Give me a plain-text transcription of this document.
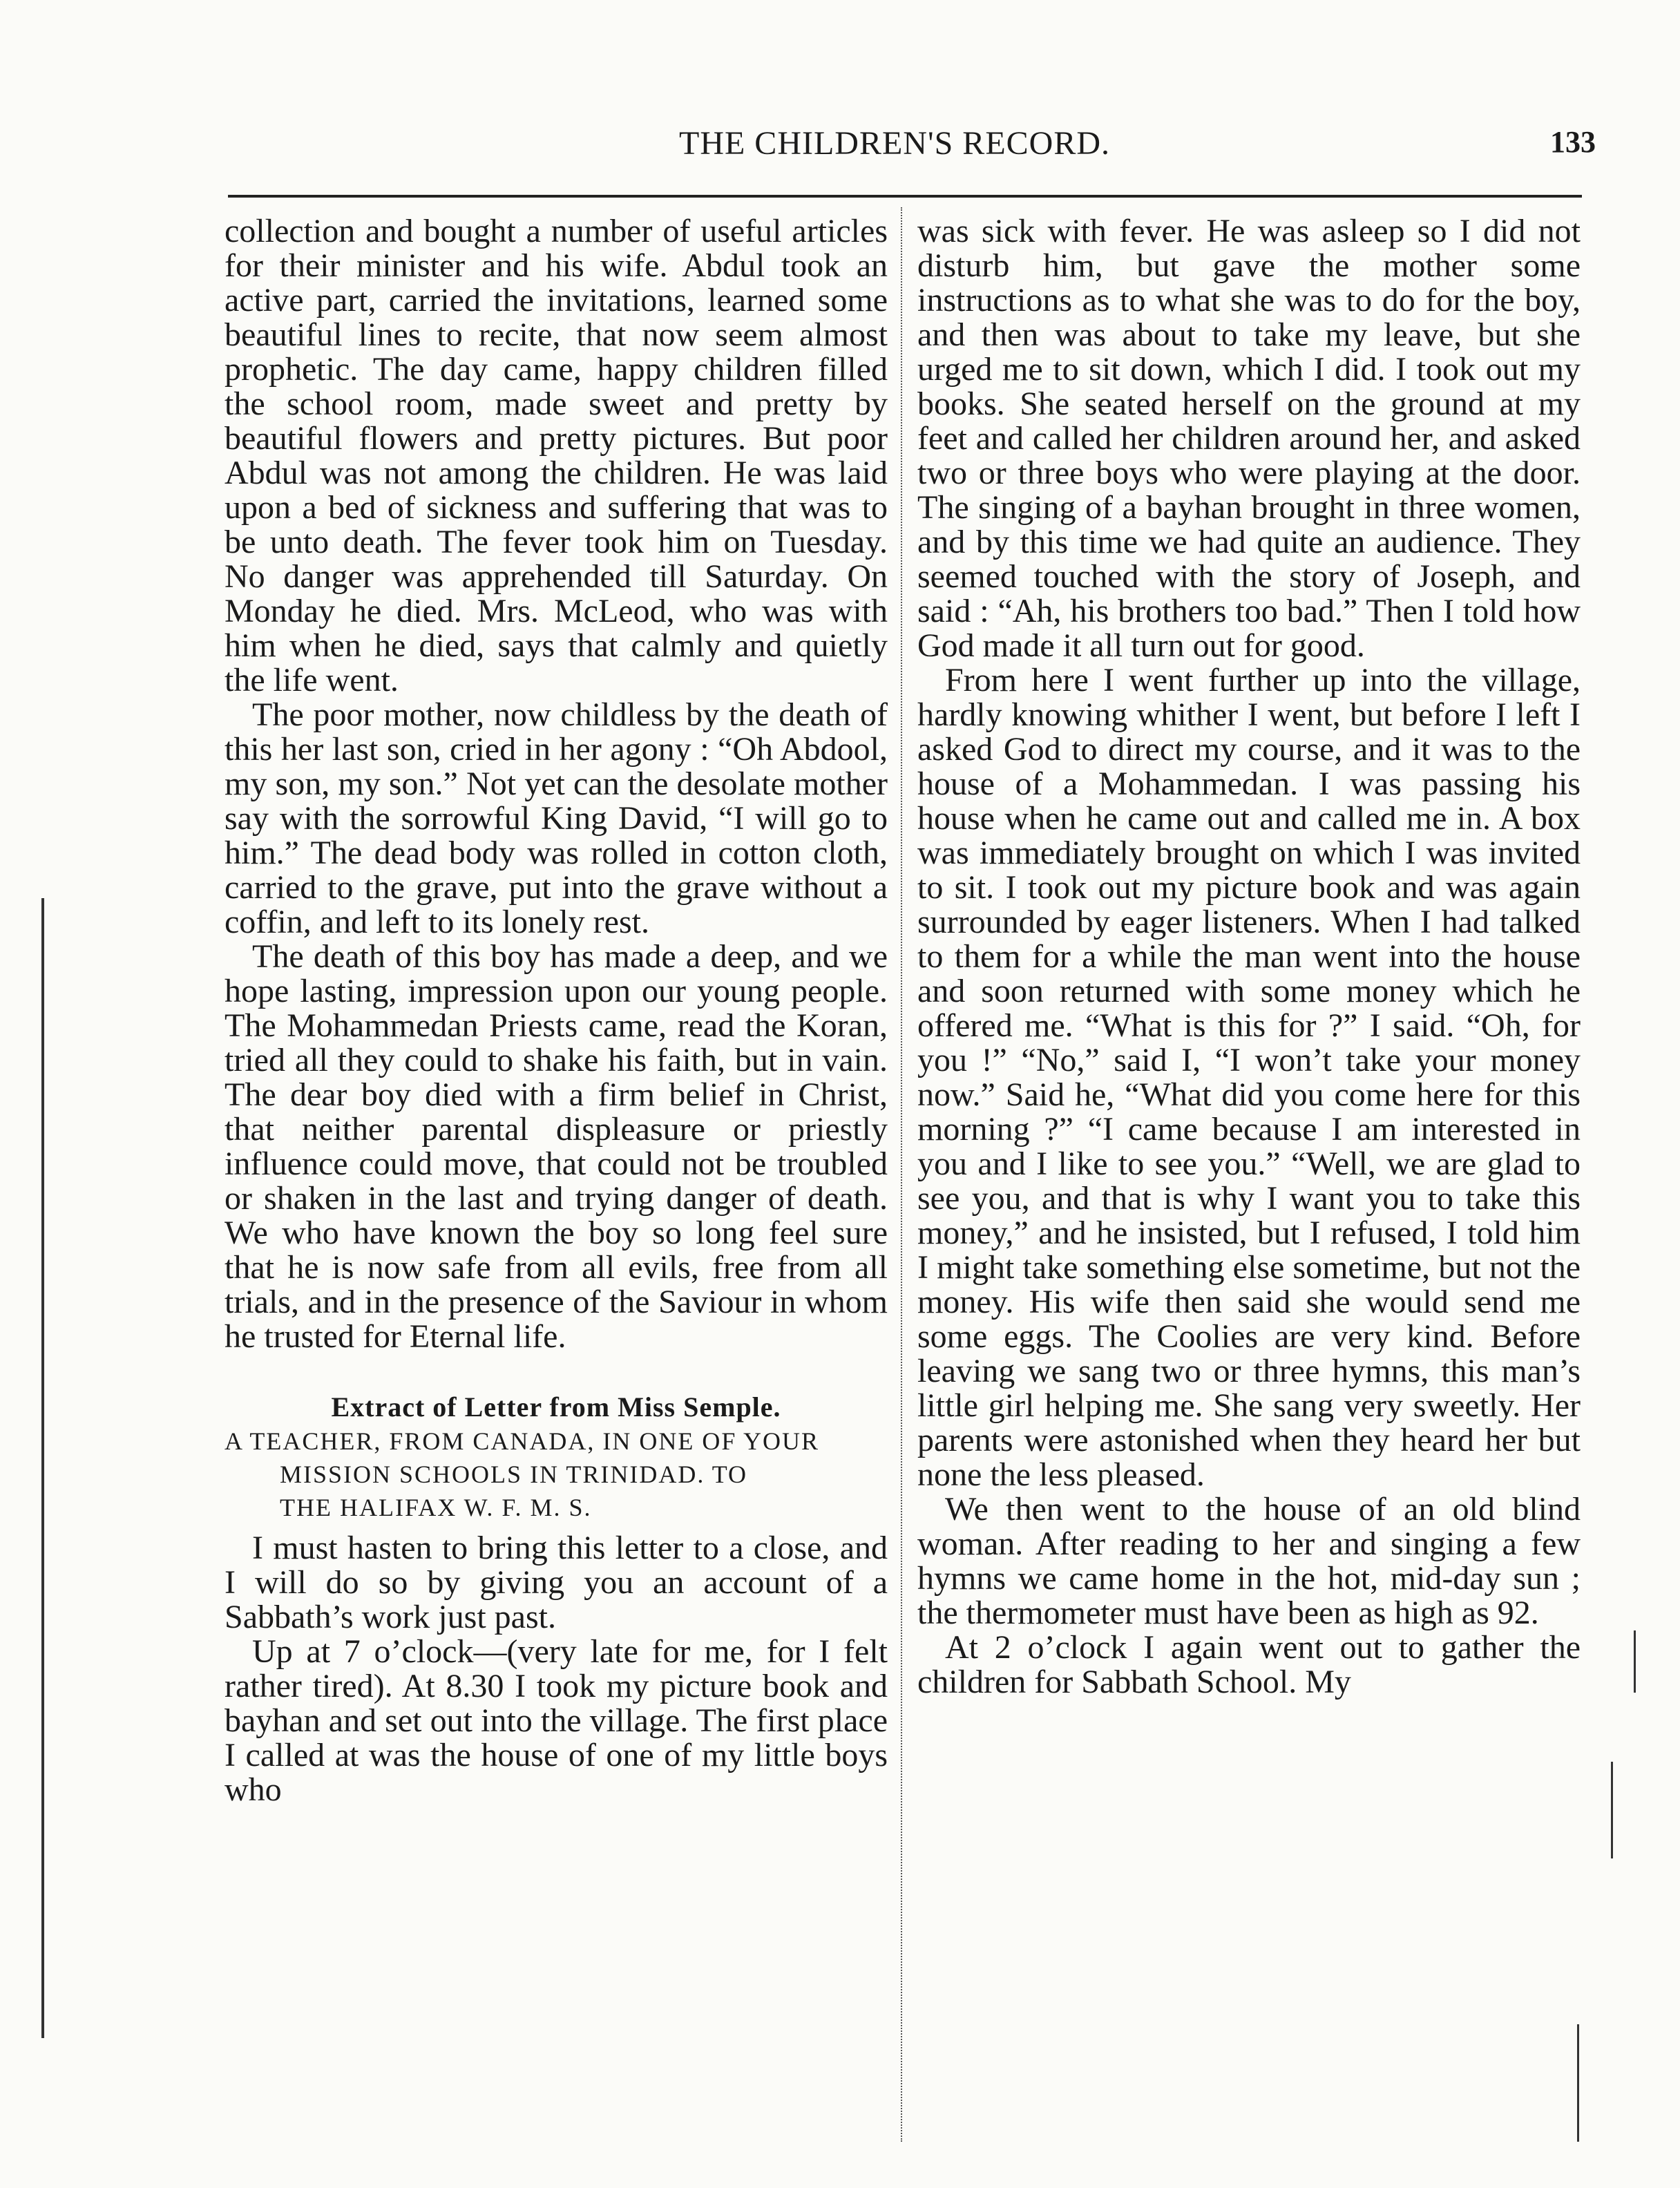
THE CHILDREN'S RECORD.	133

collection and bought a number of useful articles for their minister and his wife. Abdul took an active part, carried the invitations, learned some beautiful lines to recite, that now seem almost prophetic. The day came, happy children filled the school room, made sweet and pretty by beautiful flowers and pretty pictures. But poor Abdul was not among the children. He was laid upon a bed of sickness and suffering that was to be unto death. The fever took him on Tuesday. No danger was apprehended till Saturday. On Monday he died. Mrs. McLeod, who was with him when he died, says that calmly and quietly the life went.

The poor mother, now childless by the death of this her last son, cried in her agony : “Oh Abdool, my son, my son.” Not yet can the desolate mother say with the sorrowful King David, “I will go to him.” The dead body was rolled in cotton cloth, carried to the grave, put into the grave without a coffin, and left to its lonely rest.

The death of this boy has made a deep, and we hope lasting, impression upon our young people. The Mohammedan Priests came, read the Koran, tried all they could to shake his faith, but in vain. The dear boy died with a firm belief in Christ, that neither parental displeasure or priestly influence could move, that could not be troubled or shaken in the last and trying danger of death. We who have known the boy so long feel sure that he is now safe from all evils, free from all trials, and in the presence of the Saviour in whom he trusted for Eternal life.

Extract of Letter from Miss Semple.
A TEACHER, FROM CANADA, IN ONE OF YOUR
MISSION SCHOOLS IN TRINIDAD. TO
THE HALIFAX W. F. M. S.

I must hasten to bring this letter to a close, and I will do so by giving you an account of a Sabbath’s work just past.

Up at 7 o’clock—(very late for me, for I felt rather tired). At 8.30 I took my picture book and bayhan and set out into the village. The first place I called at was the house of one of my little boys who

was sick with fever. He was asleep so I did not disturb him, but gave the mother some instructions as to what she was to do for the boy, and then was about to take my leave, but she urged me to sit down, which I did. I took out my books. She seated herself on the ground at my feet and called her children around her, and asked two or three boys who were playing at the door. The singing of a bayhan brought in three women, and by this time we had quite an audience. They seemed touched with the story of Joseph, and said : “Ah, his brothers too bad.” Then I told how God made it all turn out for good.

From here I went further up into the village, hardly knowing whither I went, but before I left I asked God to direct my course, and it was to the house of a Mohammedan. I was passing his house when he came out and called me in. A box was immediately brought on which I was invited to sit. I took out my picture book and was again surrounded by eager listeners. When I had talked to them for a while the man went into the house and soon returned with some money which he offered me. “What is this for ?” I said. “Oh, for you !” “No,” said I, “I won’t take your money now.” Said he, “What did you come here for this morning ?” “I came because I am interested in you and I like to see you.” “Well, we are glad to see you, and that is why I want you to take this money,” and he insisted, but I refused, I told him I might take something else sometime, but not the money. His wife then said she would send me some eggs. The Coolies are very kind. Before leaving we sang two or three hymns, this man’s little girl helping me. She sang very sweetly. Her parents were astonished when they heard her but none the less pleased.

We then went to the house of an old blind woman. After reading to her and singing a few hymns we came home in the hot, mid-day sun ; the thermometer must have been as high as 92.

At 2 o’clock I again went out to gather the children for Sabbath School. My
